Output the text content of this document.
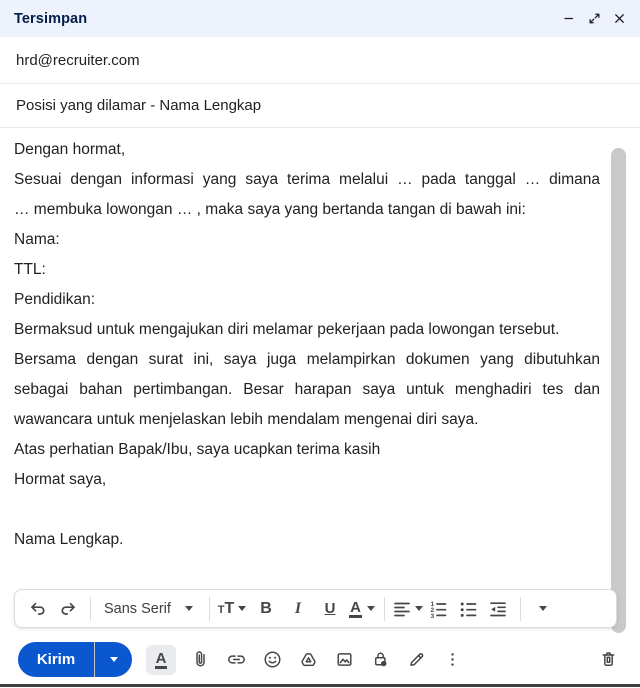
Tersimpan
hrd@recruiter.com
Posisi yang dilamar - Nama Lengkap
Dengan hormat,
Sesuai dengan informasi yang saya terima melalui … pada tanggal … dimana
… membuka lowongan … , maka saya yang bertanda tangan di bawah ini:
Nama:
TTL:
Pendidikan:
Bermaksud untuk mengajukan diri melamar pekerjaan pada lowongan tersebut.
Bersama dengan surat ini, saya juga melampirkan dokumen yang dibutuhkan
sebagai bahan pertimbangan. Besar harapan saya untuk menghadiri tes dan
wawancara untuk menjelaskan lebih mendalam mengenai diri saya.
Atas perhatian Bapak/Ibu, saya ucapkan terima kasih
Hormat saya,
Nama Lengkap.
Sans Serif	TT B I U A	1
2
3
Kirim	A
